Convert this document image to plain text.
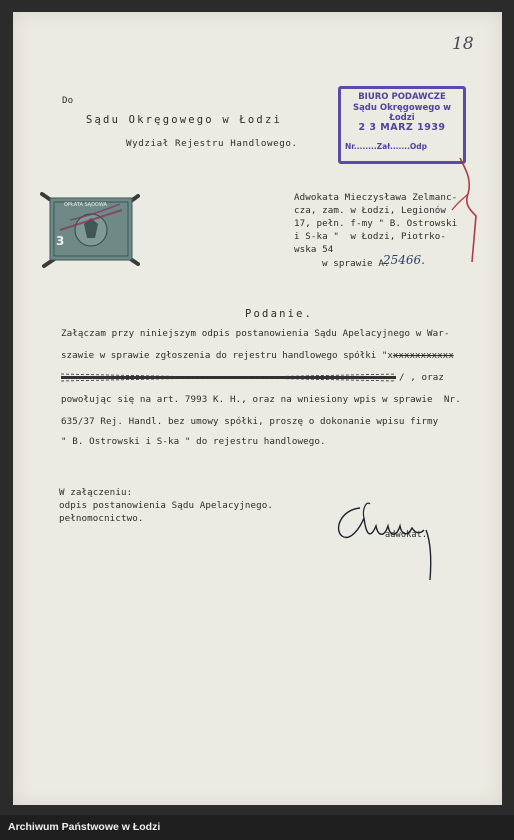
18
BIURO PODAWCZE
Sądu Okręgowego w Łodzi
2 3 MARZ 1939
Nr........Zał.......Odp
Do
Sądu Okręgowego w Łodzi
Wydział Rejestru Handlowego.
OPŁATA SĄDOWA
3
Adwokata Mieczysława Zelmanc-
cza, zam. w Łodzi, Legionów
17, pełn. f-my " B. Ostrowski
i S-ka "  w Łodzi, Piotrko-
wska 54
w sprawie A.
25466.
Podanie.
Załączam przy niniejszym odpis postanowienia Sądu Apelacyjnego w War-
szawie w sprawie zgłoszenia do rejestru handlowego spółki "xxxxxxxxxxxx
/ , oraz
powołując się na art. 7993 K. H., oraz na wniesiony wpis w sprawie  Nr.
635/37 Rej. Handl. bez umowy spółki, proszę o dokonanie wpisu firmy
" B. Ostrowski i S-ka " do rejestru handlowego.
W załączeniu:
odpis postanowienia Sądu Apelacyjnego.
pełnomocnictwo.
adwokat.
Archiwum Państwowe w Łodzi
